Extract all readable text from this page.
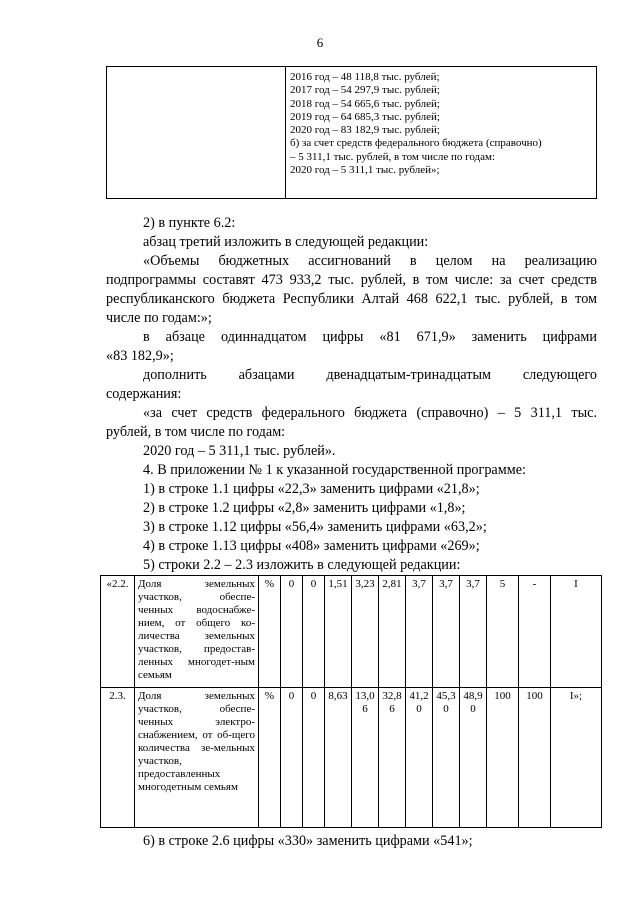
6
2016 год – 48 118,8 тыс. рублей;
2017 год – 54 297,9 тыс. рублей;
2018 год – 54 665,6 тыс. рублей;
2019 год – 64 685,3 тыс. рублей;
2020 год – 83 182,9 тыс. рублей;
б) за счет средств федерального бюджета (справочно)
– 5 311,1 тыс. рублей, в том числе по годам:
2020 год – 5 311,1 тыс. рублей»;
2) в пункте 6.2:
абзац третий изложить в следующей редакции:
«Объемы бюджетных ассигнований в целом на реализацию
подпрограммы составят 473 933,2 тыс. рублей, в том числе: за счет средств
республиканского бюджета Республики Алтай 468 622,1 тыс. рублей, в том
числе по годам:»;
в абзаце одиннадцатом цифры «81 671,9» заменить цифрами
«83 182,9»;
дополнить абзацами двенадцатым-тринадцатым следующего
содержания:
«за счет средств федерального бюджета (справочно) – 5 311,1 тыс.
рублей, в том числе по годам:
2020 год – 5 311,1 тыс. рублей».
4. В приложении № 1 к указанной государственной программе:
1) в строке 1.1 цифры «22,3» заменить цифрами «21,8»;
2) в строке 1.2 цифры «2,8» заменить цифрами «1,8»;
3) в строке 1.12 цифры «56,4» заменить цифрами «63,2»;
4) в строке 1.13 цифры «408» заменить цифрами «269»;
5) строки 2.2 – 2.3 изложить в следующей редакции:
«2.2.	Доля земельных участков, обеспе-ченных водоснабже-нием, от общего ко-личества земельных участков, предостав-ленных многодет-ным семьям	%	0	0	1,51	3,23	2,81	3,7	3,7	3,7	5	-	I
2.3.	Доля земельных участков, обеспе-ченных электро-снабжением, от об-щего количества зе-мельных участков, предоставленных многодетным семьям	%	0	0	8,63	13,0 6	32,8 6	41,2 0	45,3 0	48,9 0	100	100	I»;
6) в строке 2.6 цифры «330» заменить цифрами «541»;
